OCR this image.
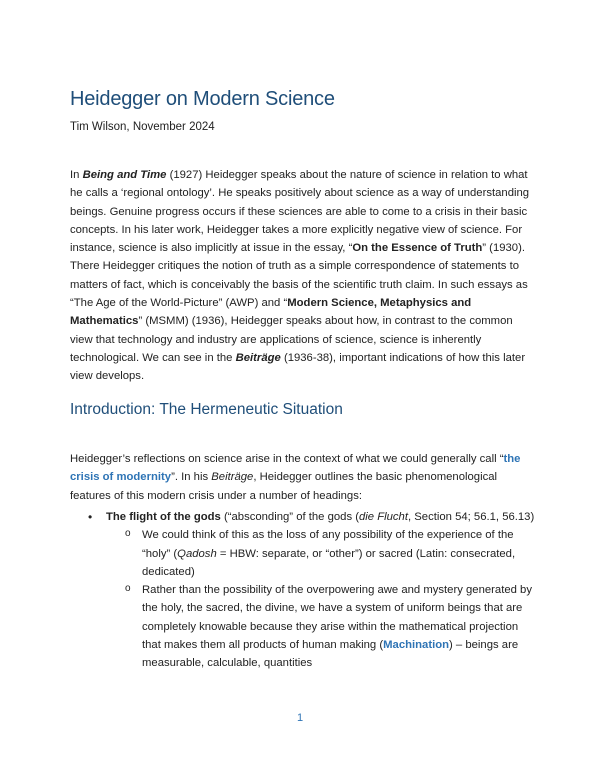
Heidegger on Modern Science

Tim Wilson, November 2024

In Being and Time (1927) Heidegger speaks about the nature of science in relation to what he calls a ‘regional ontology’. He speaks positively about science as a way of understanding beings. Genuine progress occurs if these sciences are able to come to a crisis in their basic concepts. In his later work, Heidegger takes a more explicitly negative view of science. For instance, science is also implicitly at issue in the essay, “On the Essence of Truth” (1930). There Heidegger critiques the notion of truth as a simple correspondence of statements to matters of fact, which is conceivably the basis of the scientific truth claim. In such essays as “The Age of the World-Picture” (AWP) and “Modern Science, Metaphysics and Mathematics” (MSMM) (1936), Heidegger speaks about how, in contrast to the common view that technology and industry are applications of science, science is inherently technological. We can see in the Beiträge (1936-38), important indications of how this later view develops.

Introduction: The Hermeneutic Situation

Heidegger’s reflections on science arise in the context of what we could generally call “the crisis of modernity”. In his Beiträge, Heidegger outlines the basic phenomenological features of this modern crisis under a number of headings:

• The flight of the gods (“absconding” of the gods (die Flucht, Section 54; 56.1, 56.13)
o We could think of this as the loss of any possibility of the experience of the “holy” (Qadosh = HBW: separate, or “other”) or sacred (Latin: consecrated, dedicated)
o Rather than the possibility of the overpowering awe and mystery generated by the holy, the sacred, the divine, we have a system of uniform beings that are completely knowable because they arise within the mathematical projection that makes them all products of human making (Machination) – beings are measurable, calculable, quantities
1
